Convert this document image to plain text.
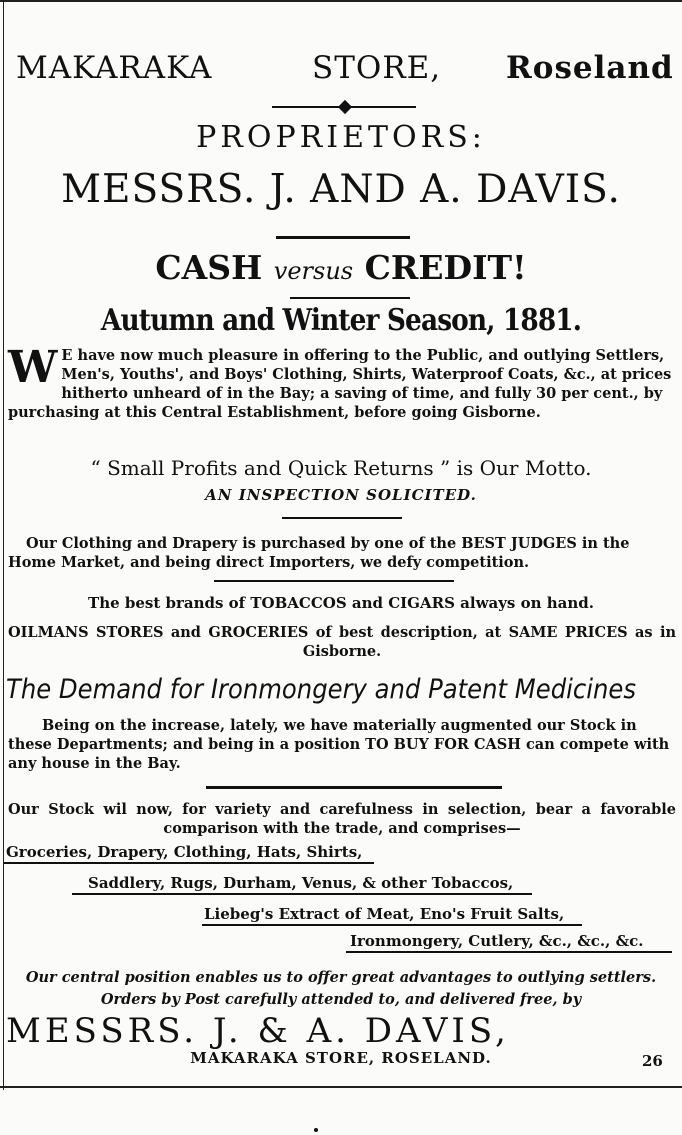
MAKARAKA	STORE, Roseland
PROPRIETORS:
MESSRS. J. AND A. DAVIS.
CASH versus CREDIT!
Autumn and Winter Season, 1881.
W E have now much pleasure in offering to the Public, and outlying Settlers, Men's, Youths', and Boys' Clothing, Shirts, Waterproof Coats, &c., at prices hitherto unheard of in the Bay; a saving of time, and fully 30 per cent., by purchasing at this Central Establishment, before going Gisborne.
“ Small Profits and Quick Returns ” is Our Motto.
AN INSPECTION SOLICITED.
Our Clothing and Drapery is purchased by one of the BEST JUDGES in the Home Market, and being direct Importers, we defy competition.
The best brands of TOBACCOS and CIGARS always on hand.
OILMANS STORES and GROCERIES of best description, at SAME PRICES as in Gisborne.
The Demand for Ironmongery and Patent Medicines
Being on the increase, lately, we have materially augmented our Stock in these Departments; and being in a position TO BUY FOR CASH can compete with any house in the Bay.
Our Stock wil now, for variety and carefulness in selection, bear a favorable comparison with the trade, and comprises—
Groceries, Drapery, Clothing, Hats, Shirts,
Saddlery, Rugs, Durham, Venus, & other Tobaccos,
Liebeg's Extract of Meat, Eno's Fruit Salts,
Ironmongery, Cutlery, &c., &c., &c.
Our central position enables us to offer great advantages to outlying settlers.
Orders by Post carefully attended to, and delivered free, by
MESSRS. J. & A. DAVIS,
MAKARAKA STORE, ROSELAND.	26
